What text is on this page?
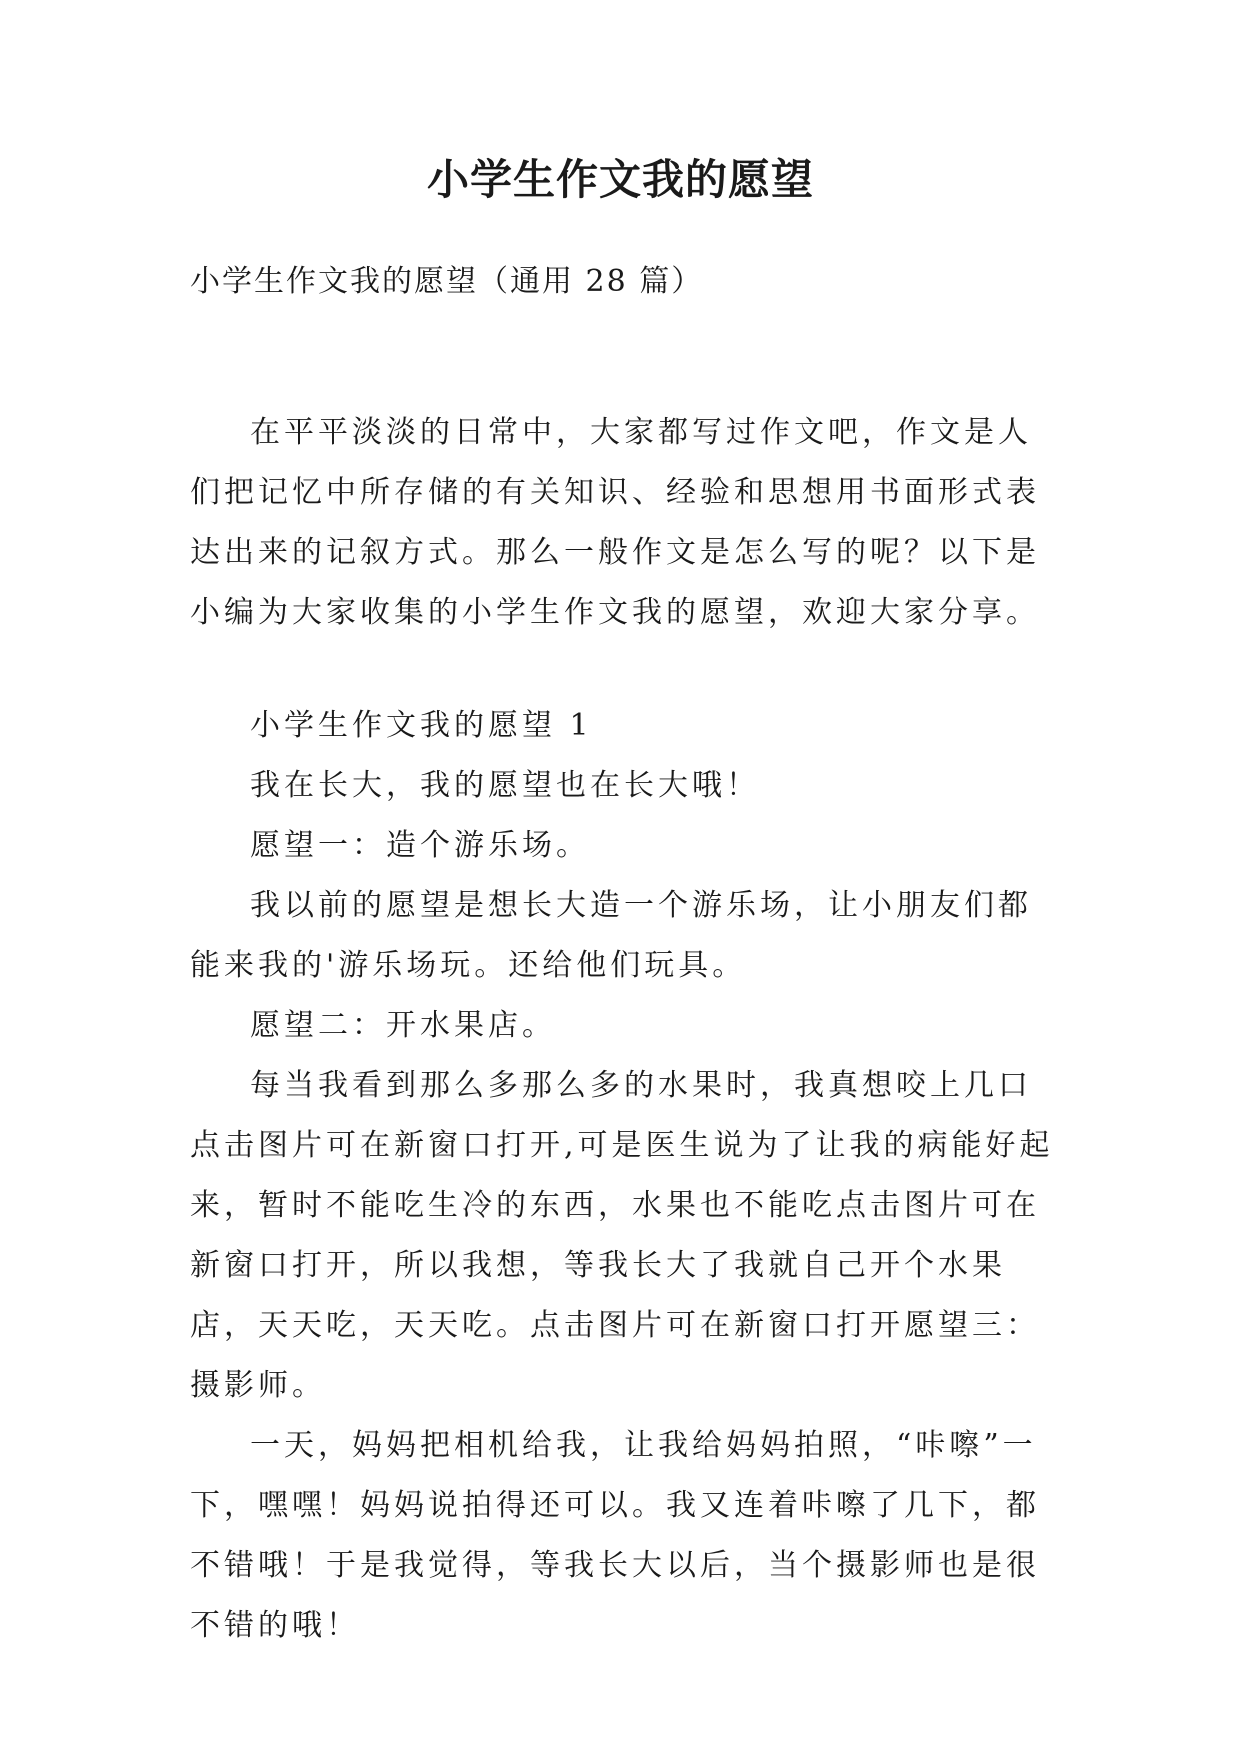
小学生作文我的愿望
小学生作文我的愿望（通用 28 篇）

在平平淡淡的日常中，大家都写过作文吧，作文是人们把记忆中所存储的有关知识、经验和思想用书面形式表达出来的记叙方式。那么一般作文是怎么写的呢？以下是小编为大家收集的小学生作文我的愿望，欢迎大家分享。

小学生作文我的愿望 1

我在长大，我的愿望也在长大哦！

愿望一：造个游乐场。

我以前的愿望是想长大造一个游乐场，让小朋友们都能来我的'游乐场玩。还给他们玩具。

愿望二：开水果店。

每当我看到那么多那么多的水果时，我真想咬上几口点击图片可在新窗口打开,可是医生说为了让我的病能好起来，暂时不能吃生冷的东西，水果也不能吃点击图片可在新窗口打开，所以我想，等我长大了我就自己开个水果店，天天吃，天天吃。点击图片可在新窗口打开愿望三：摄影师。

一天，妈妈把相机给我，让我给妈妈拍照，“咔嚓”一下，嘿嘿！妈妈说拍得还可以。我又连着咔嚓了几下，都不错哦！于是我觉得，等我长大以后，当个摄影师也是很不错的哦！
